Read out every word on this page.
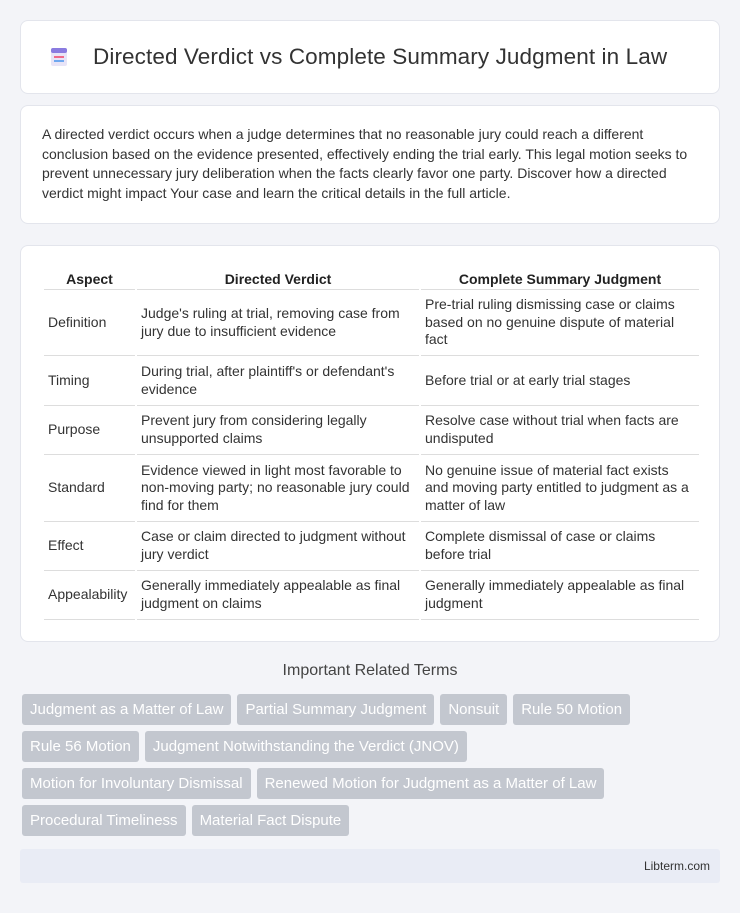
Directed Verdict vs Complete Summary Judgment in Law

A directed verdict occurs when a judge determines that no reasonable jury could reach a different conclusion based on the evidence presented, effectively ending the trial early. This legal motion seeks to prevent unnecessary jury deliberation when the facts clearly favor one party. Discover how a directed verdict might impact Your case and learn the critical details in the full article.

Aspect	Directed Verdict	Complete Summary Judgment
Definition	Judge's ruling at trial, removing case from jury due to insufficient evidence	Pre-trial ruling dismissing case or claims based on no genuine dispute of material fact
Timing	During trial, after plaintiff's or defendant's evidence	Before trial or at early trial stages
Purpose	Prevent jury from considering legally unsupported claims	Resolve case without trial when facts are undisputed
Standard	Evidence viewed in light most favorable to non-moving party; no reasonable jury could find for them	No genuine issue of material fact exists and moving party entitled to judgment as a matter of law
Effect	Case or claim directed to judgment without jury verdict	Complete dismissal of case or claims before trial
Appealability	Generally immediately appealable as final judgment on claims	Generally immediately appealable as final judgment
Important Related Terms
Judgment as a Matter of Law	Partial Summary Judgment	Nonsuit	Rule 50 Motion
Rule 56 Motion	Judgment Notwithstanding the Verdict (JNOV)
Motion for Involuntary Dismissal	Renewed Motion for Judgment as a Matter of Law
Procedural Timeliness	Material Fact Dispute
Libterm.com
